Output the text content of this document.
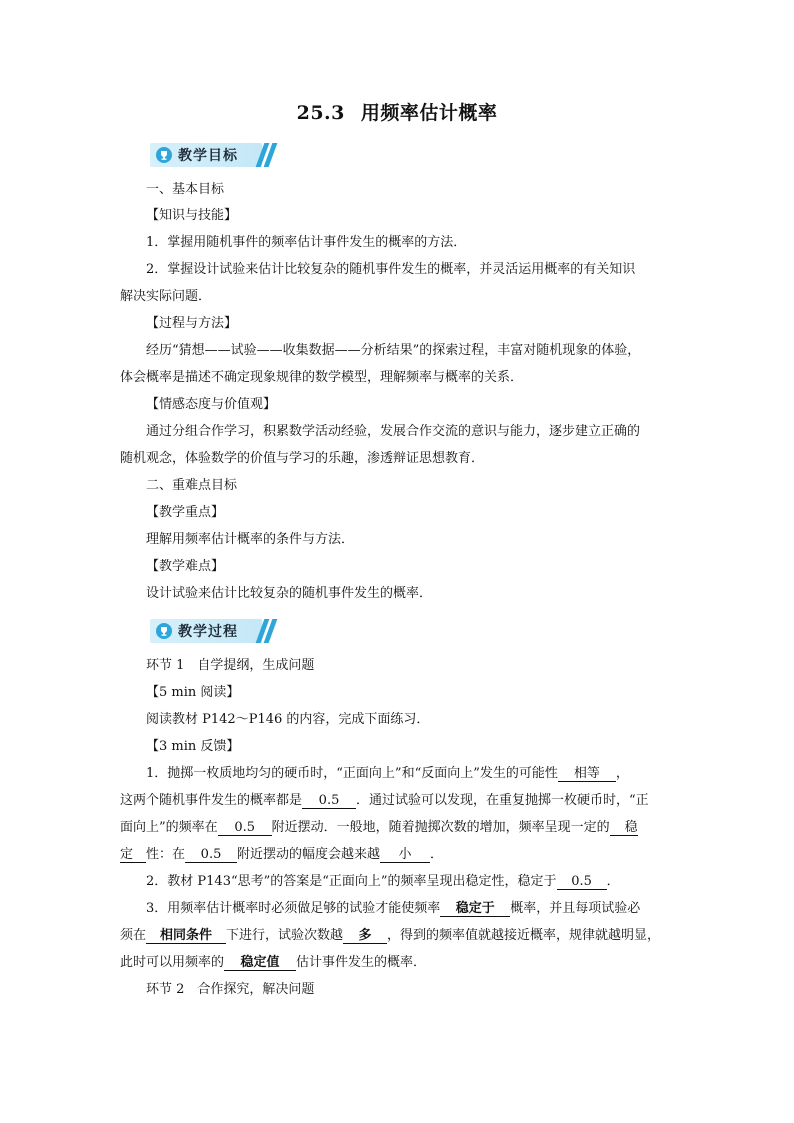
25.3 用频率估计概率
教学目标
一、基本目标
【知识与技能】
1．掌握用随机事件的频率估计事件发生的概率的方法．
2．掌握设计试验来估计比较复杂的随机事件发生的概率，并灵活运用概率的有关知识
解决实际问题．
【过程与方法】
经历“猜想——试验——收集数据——分析结果”的探索过程，丰富对随机现象的体验，
体会概率是描述不确定现象规律的数学模型，理解频率与概率的关系．
【情感态度与价值观】
通过分组合作学习，积累数学活动经验，发展合作交流的意识与能力，逐步建立正确的
随机观念，体验数学的价值与学习的乐趣，渗透辩证思想教育．
二、重难点目标
【教学重点】
理解用频率估计概率的条件与方法．
【教学难点】
设计试验来估计比较复杂的随机事件发生的概率．
教学过程
环节 1　自学提纲，生成问题
【5 min 阅读】
阅读教材 P142～P146 的内容，完成下面练习．
【3 min 反馈】
1．抛掷一枚质地均匀的硬币时，“正面向上”和“反面向上”发生的可能性 相等 ，
这两个随机事件发生的概率都是 0.5 ．通过试验可以发现，在重复抛掷一枚硬币时，“正
面向上”的频率在 0.5 附近摆动．一般地，随着抛掷次数的增加，频率呈现一定的 稳
定 性：在 0.5 附近摆动的幅度会越来越 小 ．
2．教材 P143“思考”的答案是“正面向上”的频率呈现出稳定性，稳定于 0.5 ．
3．用频率估计概率时必须做足够的试验才能使频率 稳定于 概率，并且每项试验必
须在 相同条件 下进行，试验次数越 多 ，得到的频率值就越接近概率，规律就越明显，
此时可以用频率的 稳定值 估计事件发生的概率．
环节 2　合作探究，解决问题
